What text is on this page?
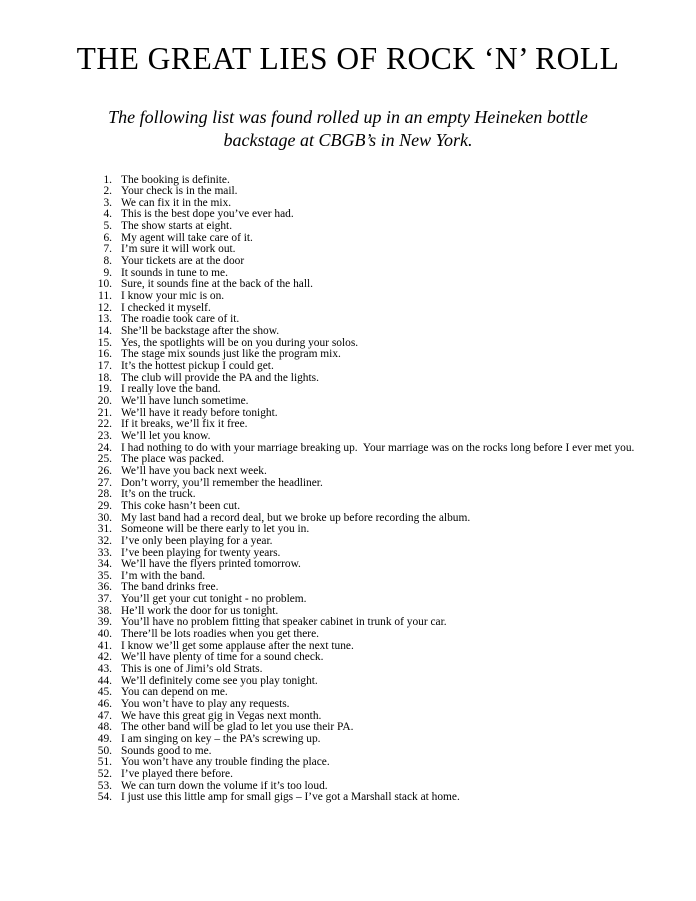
THE GREAT LIES OF ROCK ‘N’ ROLL
The following list was found rolled up in an empty Heineken bottle
backstage at CBGB’s in New York.
1. The booking is definite.
2. Your check is in the mail.
3. We can fix it in the mix.
4. This is the best dope you’ve ever had.
5. The show starts at eight.
6. My agent will take care of it.
7. I’m sure it will work out.
8. Your tickets are at the door
9. It sounds in tune to me.
10. Sure, it sounds fine at the back of the hall.
11. I know your mic is on.
12. I checked it myself.
13. The roadie took care of it.
14. She’ll be backstage after the show.
15. Yes, the spotlights will be on you during your solos.
16. The stage mix sounds just like the program mix.
17. It’s the hottest pickup I could get.
18. The club will provide the PA and the lights.
19. I really love the band.
20. We’ll have lunch sometime.
21. We’ll have it ready before tonight.
22. If it breaks, we’ll fix it free.
23. We’ll let you know.
24. I had nothing to do with your marriage breaking up.  Your marriage was on the rocks long before I ever met you.
25. The place was packed.
26. We’ll have you back next week.
27. Don’t worry, you’ll remember the headliner.
28. It’s on the truck.
29. This coke hasn’t been cut.
30. My last band had a record deal, but we broke up before recording the album.
31. Someone will be there early to let you in.
32. I’ve only been playing for a year.
33. I’ve been playing for twenty years.
34. We’ll have the flyers printed tomorrow.
35. I’m with the band.
36. The band drinks free.
37. You’ll get your cut tonight - no problem.
38. He’ll work the door for us tonight.
39. You’ll have no problem fitting that speaker cabinet in trunk of your car.
40. There’ll be lots roadies when you get there.
41. I know we’ll get some applause after the next tune.
42. We’ll have plenty of time for a sound check.
43. This is one of Jimi’s old Strats.
44. We’ll definitely come see you play tonight.
45. You can depend on me.
46. You won’t have to play any requests.
47. We have this great gig in Vegas next month.
48. The other band will be glad to let you use their PA.
49. I am singing on key – the PA’s screwing up.
50. Sounds good to me.
51. You won’t have any trouble finding the place.
52. I’ve played there before.
53. We can turn down the volume if it’s too loud.
54. I just use this little amp for small gigs – I’ve got a Marshall stack at home.
